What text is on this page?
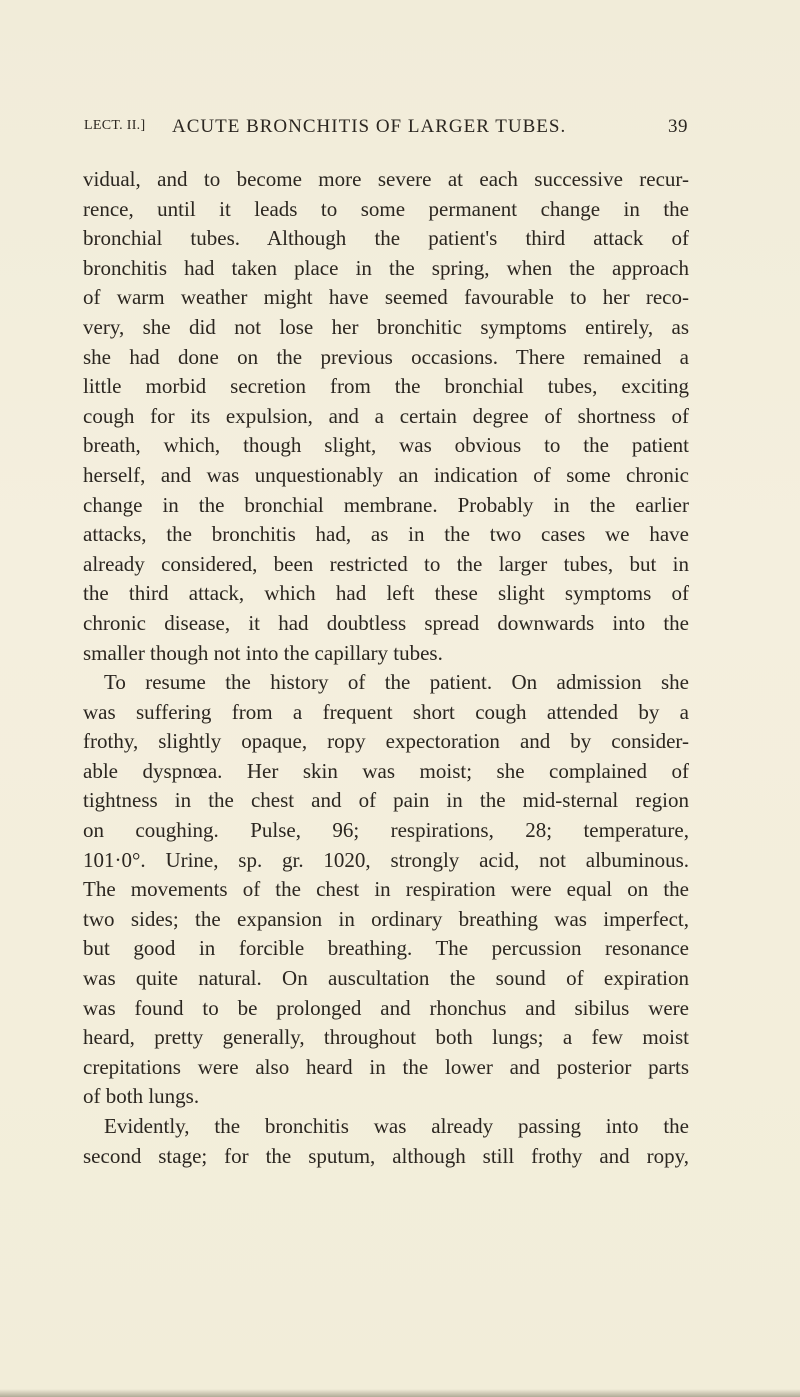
LECT. II.] ACUTE BRONCHITIS OF LARGER TUBES.	39

vidual, and to become more severe at each successive recur-
rence, until it leads to some permanent change in the
bronchial tubes. Although the patient's third attack of
bronchitis had taken place in the spring, when the approach
of warm weather might have seemed favourable to her reco-
very, she did not lose her bronchitic symptoms entirely, as
she had done on the previous occasions. There remained a
little morbid secretion from the bronchial tubes, exciting
cough for its expulsion, and a certain degree of shortness of
breath, which, though slight, was obvious to the patient
herself, and was unquestionably an indication of some chronic
change in the bronchial membrane. Probably in the earlier
attacks, the bronchitis had, as in the two cases we have
already considered, been restricted to the larger tubes, but in
the third attack, which had left these slight symptoms of
chronic disease, it had doubtless spread downwards into the
smaller though not into the capillary tubes.

To resume the history of the patient. On admission she
was suffering from a frequent short cough attended by a
frothy, slightly opaque, ropy expectoration and by consider-
able dyspnœa. Her skin was moist; she complained of
tightness in the chest and of pain in the mid-sternal region
on coughing. Pulse, 96; respirations, 28; temperature,
101·0°. Urine, sp. gr. 1020, strongly acid, not albuminous.
The movements of the chest in respiration were equal on the
two sides; the expansion in ordinary breathing was imperfect,
but good in forcible breathing. The percussion resonance
was quite natural. On auscultation the sound of expiration
was found to be prolonged and rhonchus and sibilus were
heard, pretty generally, throughout both lungs; a few moist
crepitations were also heard in the lower and posterior parts
of both lungs.

Evidently, the bronchitis was already passing into the
second stage; for the sputum, although still frothy and ropy,
